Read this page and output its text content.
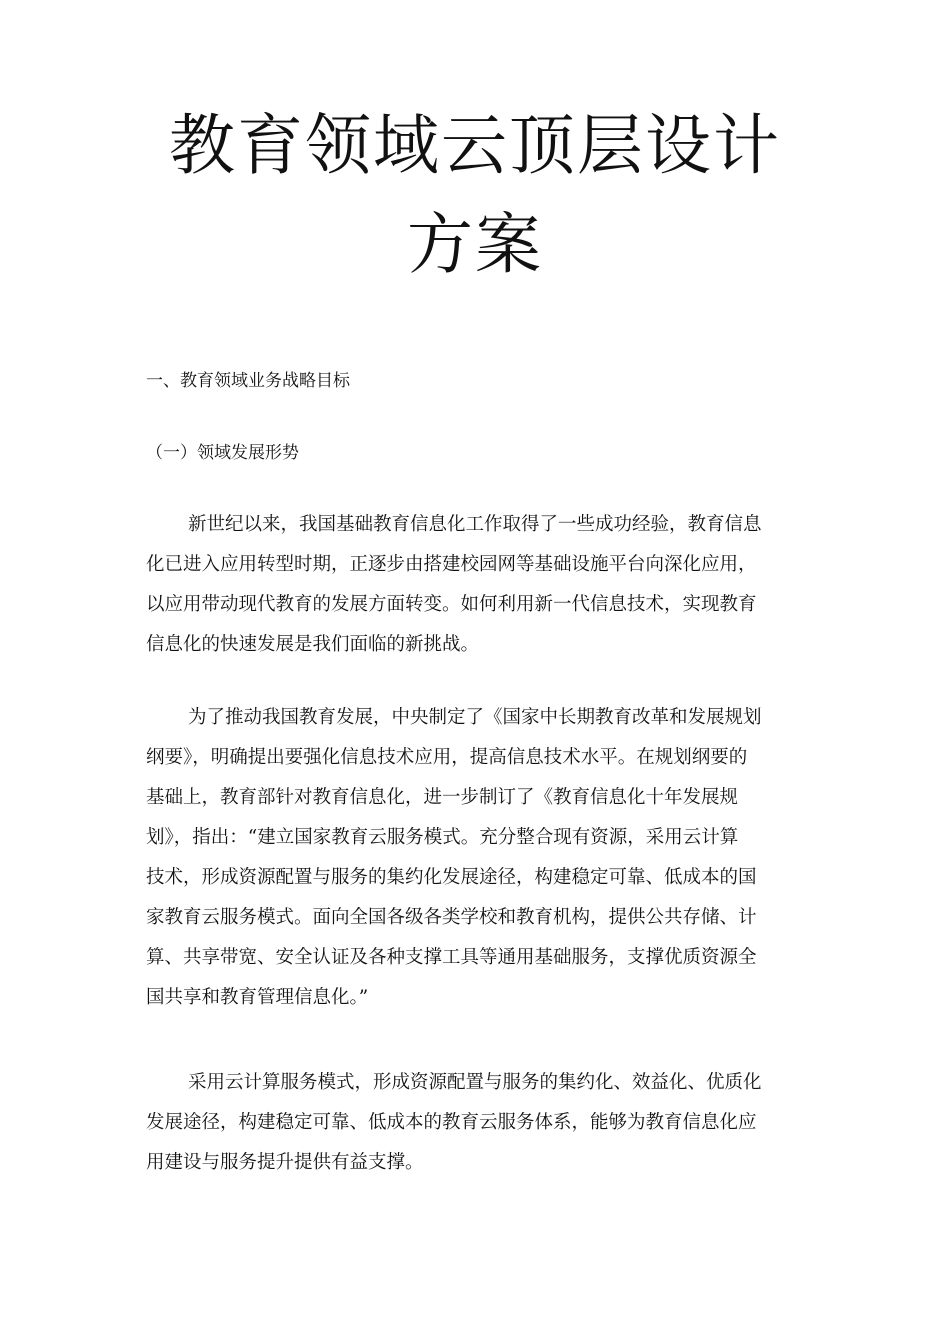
教育领域云顶层设计
方案
一、教育领域业务战略目标
（一）领域发展形势
新世纪以来，我国基础教育信息化工作取得了一些成功经验，教育信息
化已进入应用转型时期，正逐步由搭建校园网等基础设施平台向深化应用，
以应用带动现代教育的发展方面转变。如何利用新一代信息技术，实现教育
信息化的快速发展是我们面临的新挑战。
为了推动我国教育发展，中央制定了《国家中长期教育改革和发展规划
纲要》，明确提出要强化信息技术应用，提高信息技术水平。在规划纲要的
基础上，教育部针对教育信息化，进一步制订了《教育信息化十年发展规
划》，指出：“建立国家教育云服务模式。充分整合现有资源，采用云计算
技术，形成资源配置与服务的集约化发展途径，构建稳定可靠、低成本的国
家教育云服务模式。面向全国各级各类学校和教育机构，提供公共存储、计
算、共享带宽、安全认证及各种支撑工具等通用基础服务，支撑优质资源全
国共享和教育管理信息化。”
采用云计算服务模式，形成资源配置与服务的集约化、效益化、优质化
发展途径，构建稳定可靠、低成本的教育云服务体系，能够为教育信息化应
用建设与服务提升提供有益支撑。
